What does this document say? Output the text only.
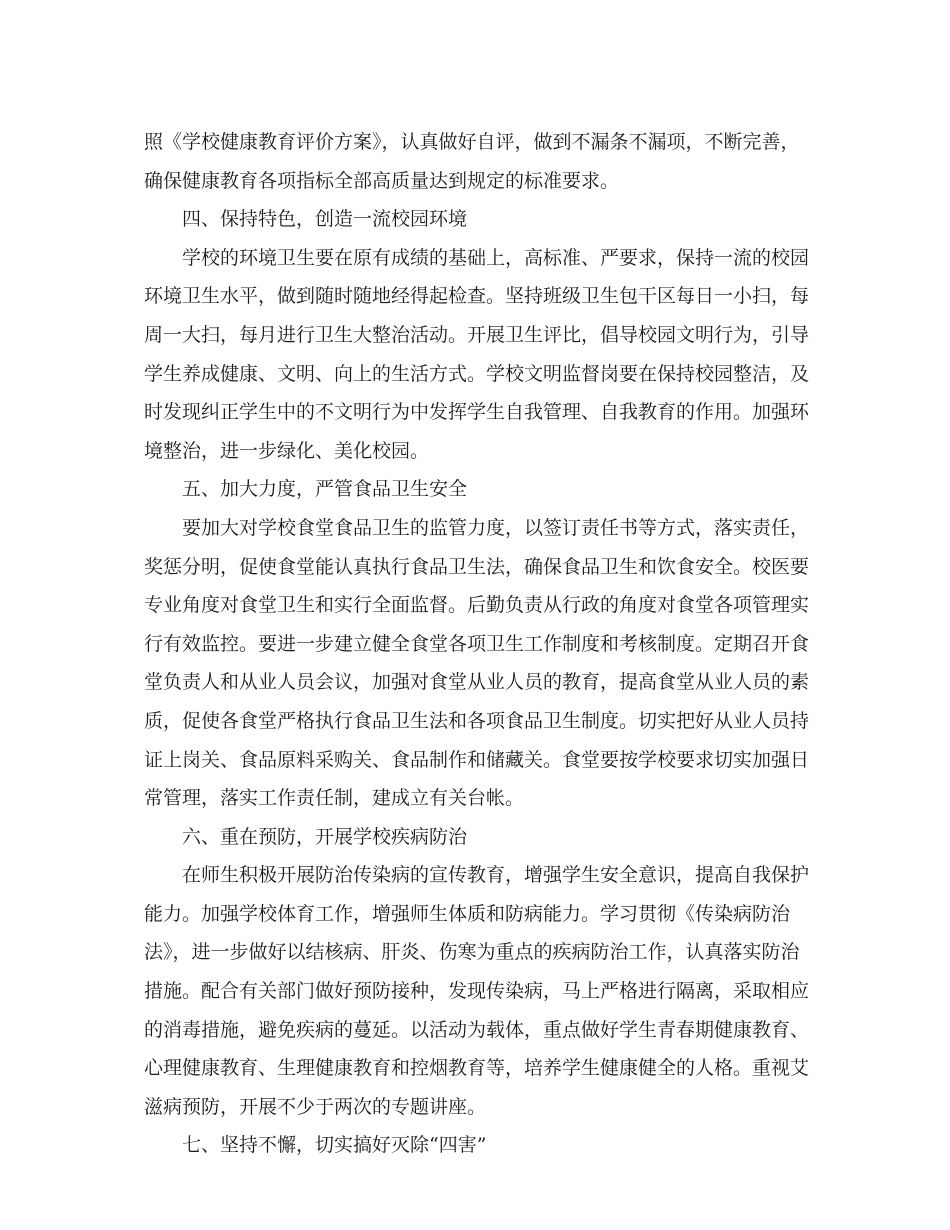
照《学校健康教育评价方案》，认真做好自评，做到不漏条不漏项，不断完善，
确保健康教育各项指标全部高质量达到规定的标准要求。
四、保持特色，创造一流校园环境
学校的环境卫生要在原有成绩的基础上，高标准、严要求，保持一流的校园
环境卫生水平，做到随时随地经得起检查。坚持班级卫生包干区每日一小扫，每
周一大扫，每月进行卫生大整治活动。开展卫生评比，倡导校园文明行为，引导
学生养成健康、文明、向上的生活方式。学校文明监督岗要在保持校园整洁，及
时发现纠正学生中的不文明行为中发挥学生自我管理、自我教育的作用。加强环
境整治，进一步绿化、美化校园。
五、加大力度，严管食品卫生安全
要加大对学校食堂食品卫生的监管力度，以签订责任书等方式，落实责任，
奖惩分明，促使食堂能认真执行食品卫生法，确保食品卫生和饮食安全。校医要
专业角度对食堂卫生和实行全面监督。后勤负责从行政的角度对食堂各项管理实
行有效监控。要进一步建立健全食堂各项卫生工作制度和考核制度。定期召开食
堂负责人和从业人员会议，加强对食堂从业人员的教育，提高食堂从业人员的素
质，促使各食堂严格执行食品卫生法和各项食品卫生制度。切实把好从业人员持
证上岗关、食品原料采购关、食品制作和储藏关。食堂要按学校要求切实加强日
常管理，落实工作责任制，建成立有关台帐。
六、重在预防，开展学校疾病防治
在师生积极开展防治传染病的宣传教育，增强学生安全意识，提高自我保护
能力。加强学校体育工作，增强师生体质和防病能力。学习贯彻《传染病防治
法》，进一步做好以结核病、肝炎、伤寒为重点的疾病防治工作，认真落实防治
措施。配合有关部门做好预防接种，发现传染病，马上严格进行隔离，采取相应
的消毒措施，避免疾病的蔓延。以活动为载体，重点做好学生青春期健康教育、
心理健康教育、生理健康教育和控烟教育等，培养学生健康健全的人格。重视艾
滋病预防，开展不少于两次的专题讲座。
七、坚持不懈，切实搞好灭除“四害”
